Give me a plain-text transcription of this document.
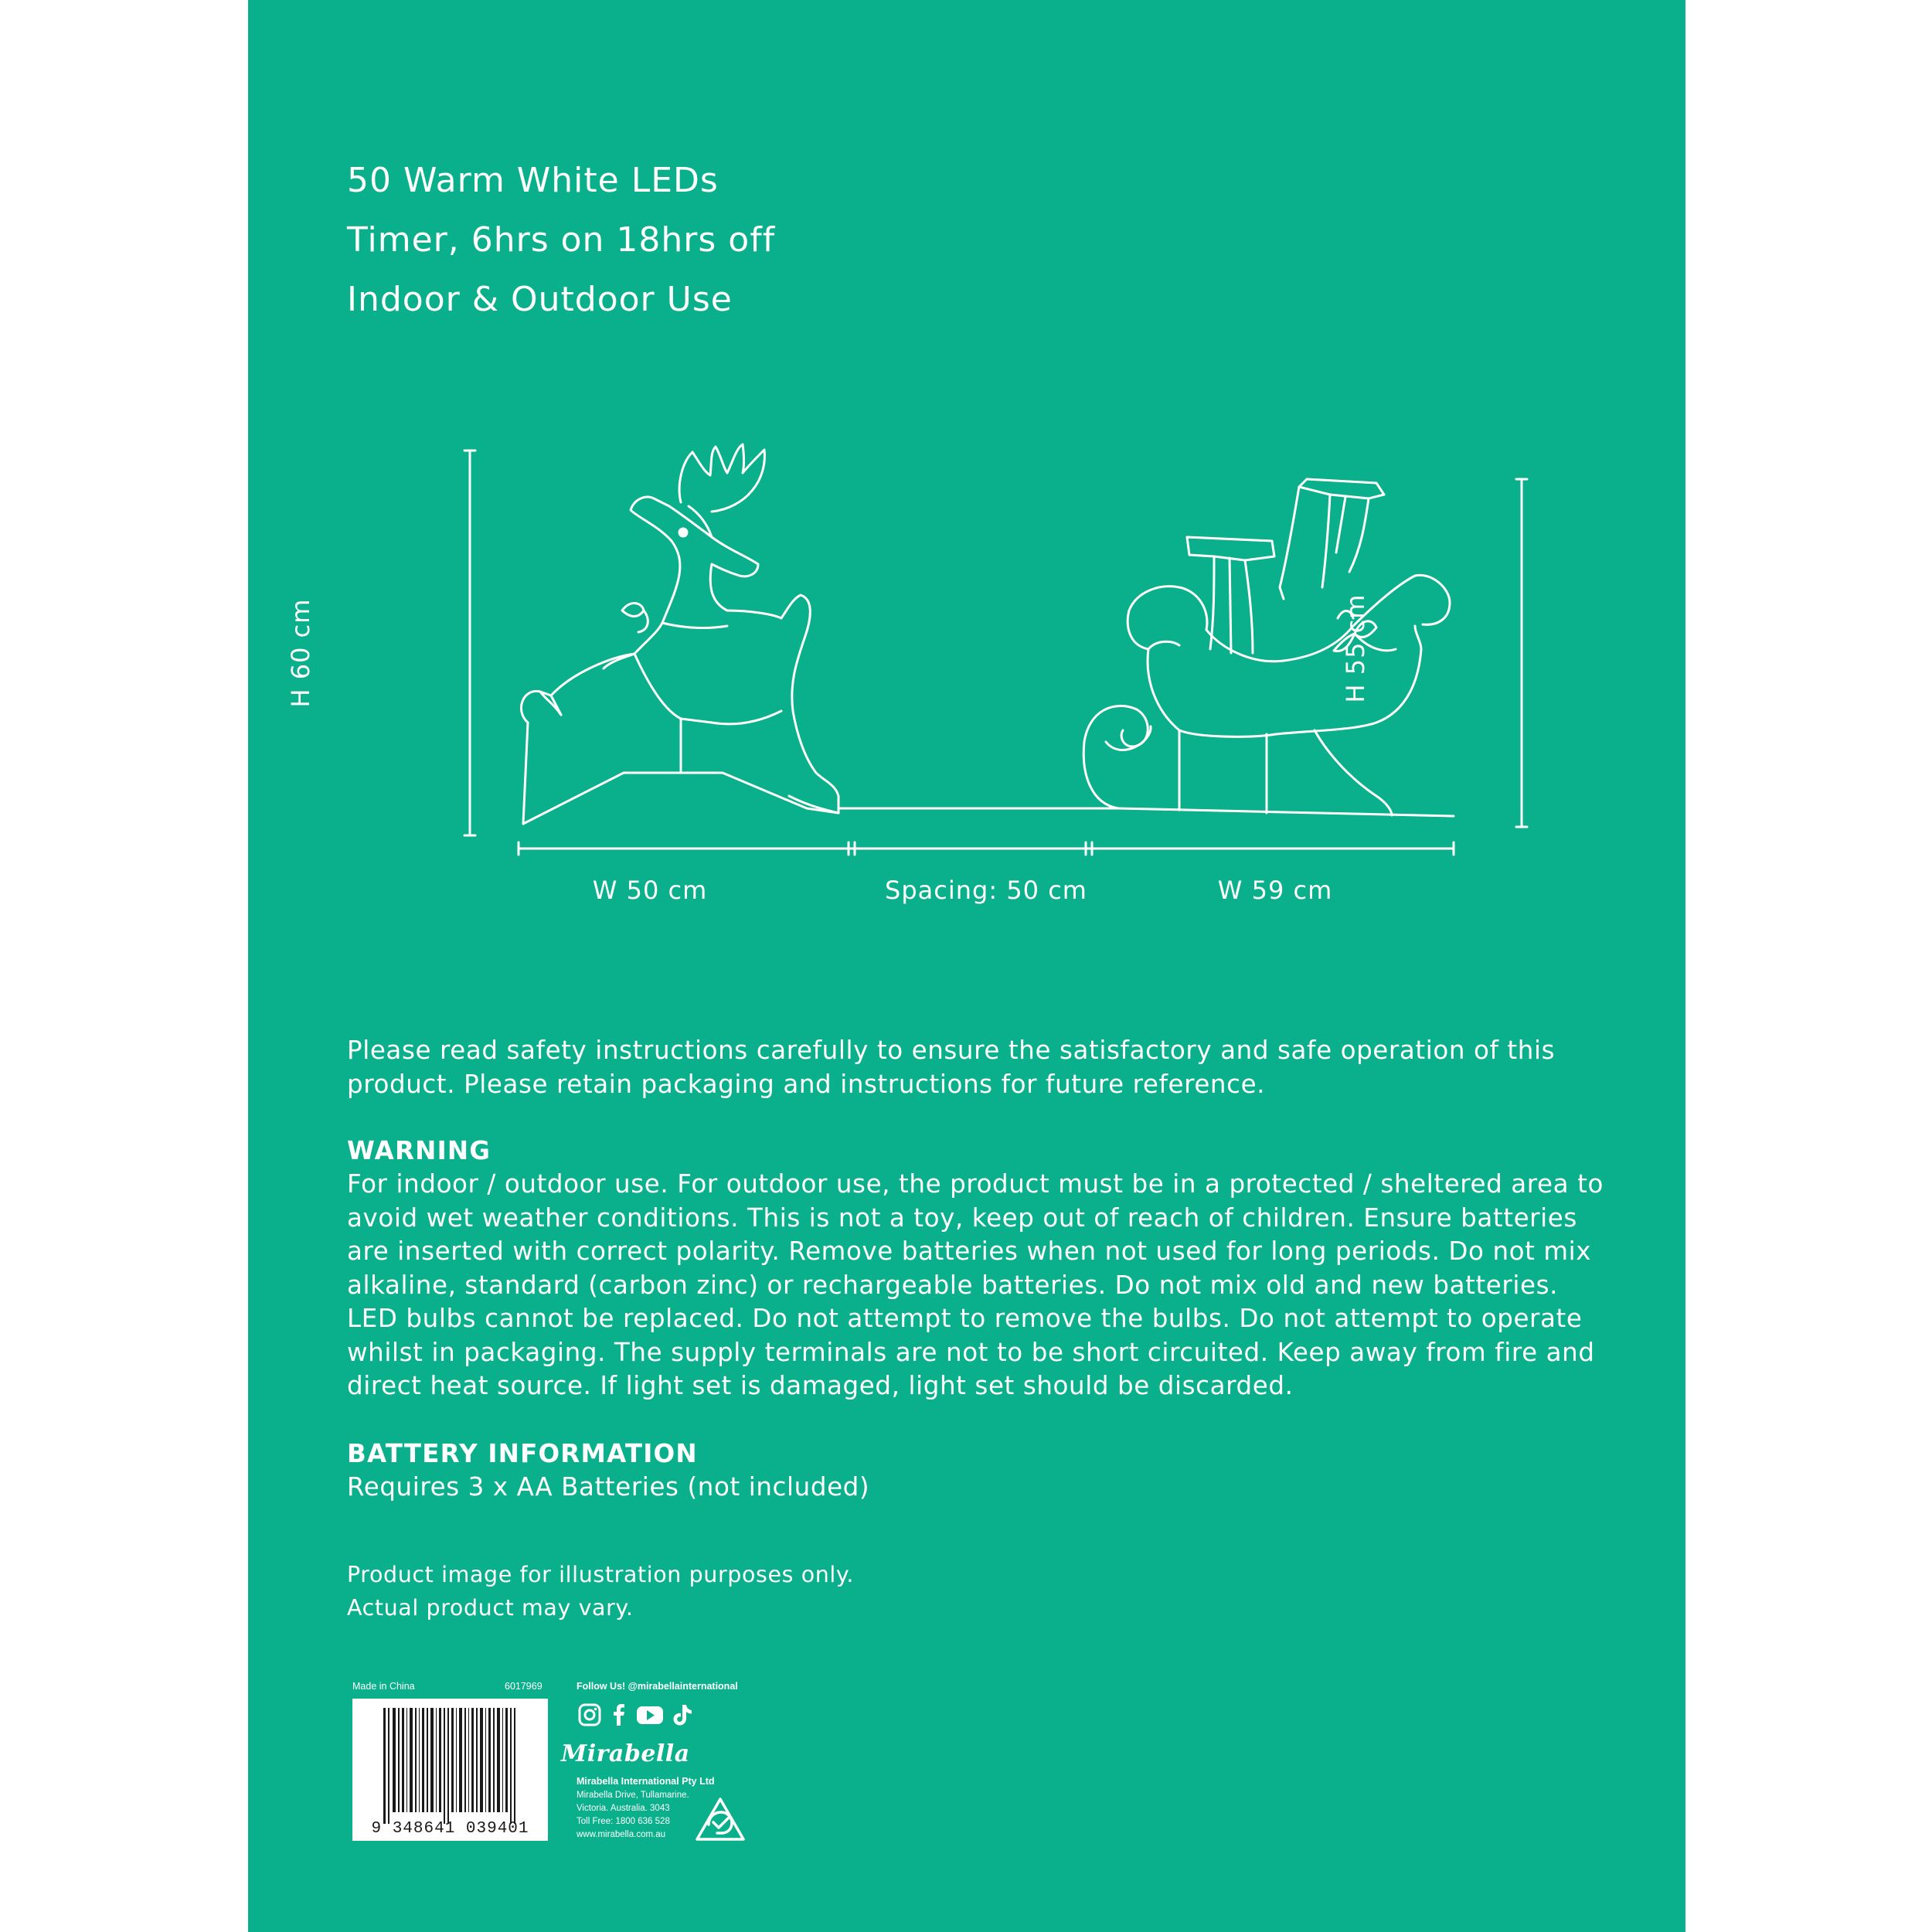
50 Warm White LEDs
Timer, 6hrs on 18hrs off
Indoor & Outdoor Use
H 60 cm	H 55 cm
W 50 cm	Spacing: 50 cm	W 59 cm
Please read safety instructions carefully to ensure the satisfactory and safe operation of this product. Please retain packaging and instructions for future reference.
WARNING
For indoor / outdoor use. For outdoor use, the product must be in a protected / sheltered area to avoid wet weather conditions. This is not a toy, keep out of reach of children. Ensure batteries are inserted with correct polarity. Remove batteries when not used for long periods. Do not mix alkaline, standard (carbon zinc) or rechargeable batteries. Do not mix old and new batteries. LED bulbs cannot be replaced. Do not attempt to remove the bulbs. Do not attempt to operate whilst in packaging. The supply terminals are not to be short circuited. Keep away from fire and direct heat source. If light set is damaged, light set should be discarded.
BATTERY INFORMATION
Requires 3 x AA Batteries (not included)
Product image for illustration purposes only.
Actual product may vary.
Made in China	6017969
9 348641 039401
Follow Us! @mirabellainternational
Mirabella
Mirabella International Pty Ltd
Mirabella Drive, Tullamarine.
Victoria. Australia. 3043
Toll Free: 1800 636 528
www.mirabella.com.au
